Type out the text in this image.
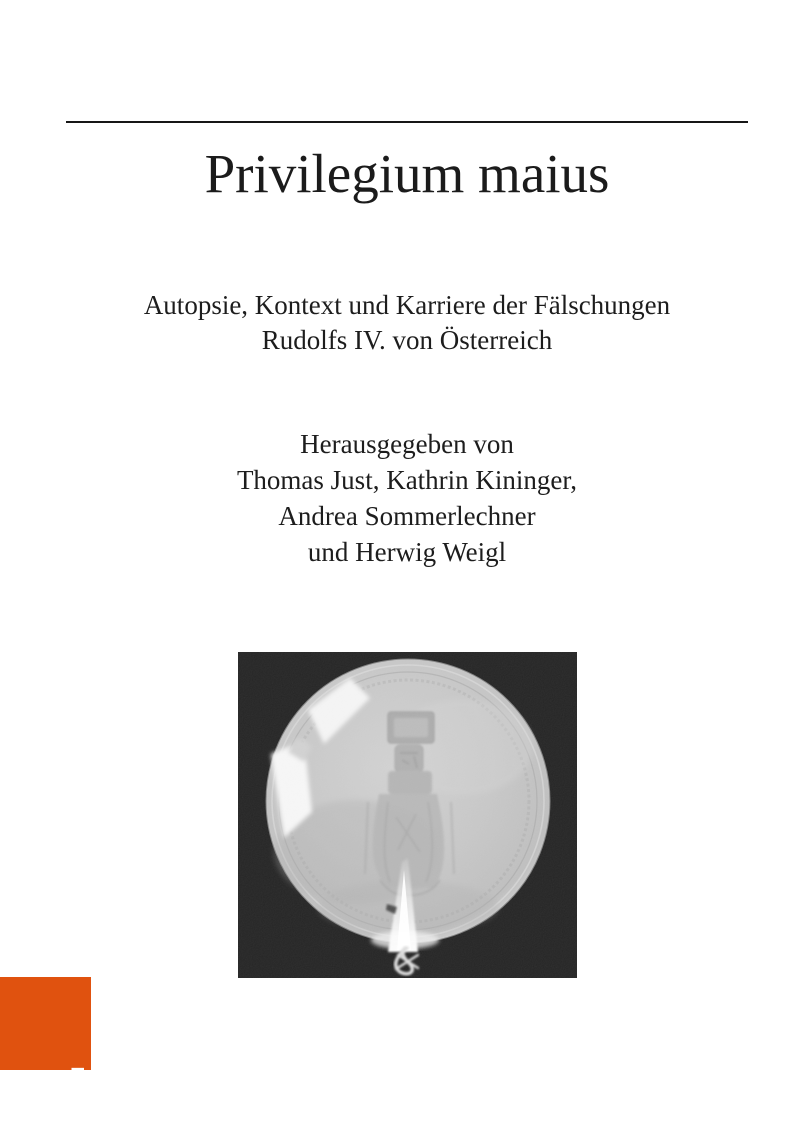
Privilegium maius
Autopsie, Kontext und Karriere der Fälschungen
Rudolfs IV. von Österreich
Herausgegeben von
Thomas Just, Kathrin Kininger,
Andrea Sommerlechner
und Herwig Weigl
böhlau
